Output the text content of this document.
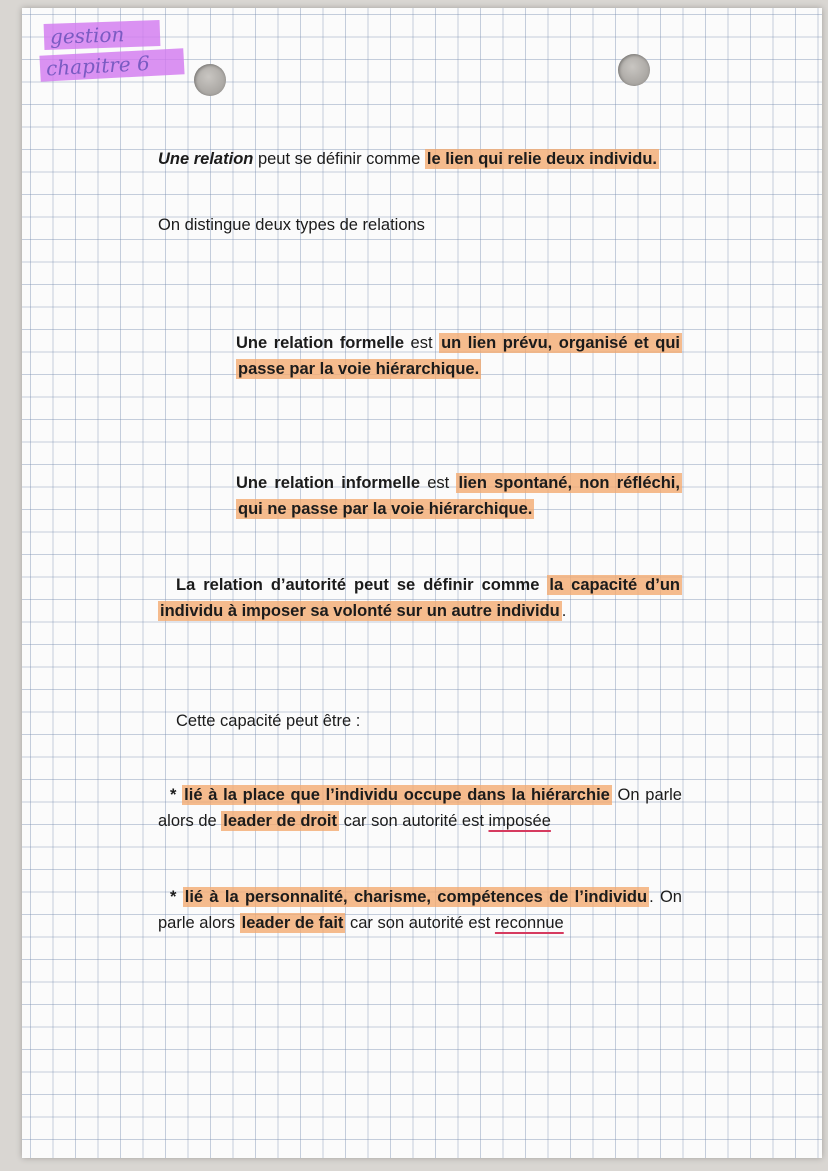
gestion
chapitre 6
Une relation peut se définir comme le lien qui relie deux individu.
On distingue deux types de relations
Une relation formelle est un lien prévu, organisé et qui passe par la voie hiérarchique.
Une relation informelle est lien spontané, non réfléchi, qui ne passe par la voie hiérarchique.
La relation d’autorité peut se définir comme la capacité d’un individu à imposer sa volonté sur un autre individu .
Cette capacité peut être :
* lié à la place que l’individu occupe dans la hiérarchie On parle alors de leader de droit car son autorité est imposée
* lié à la personnalité, charisme, compétences de l’individu . On parle alors leader de fait car son autorité est reconnue
